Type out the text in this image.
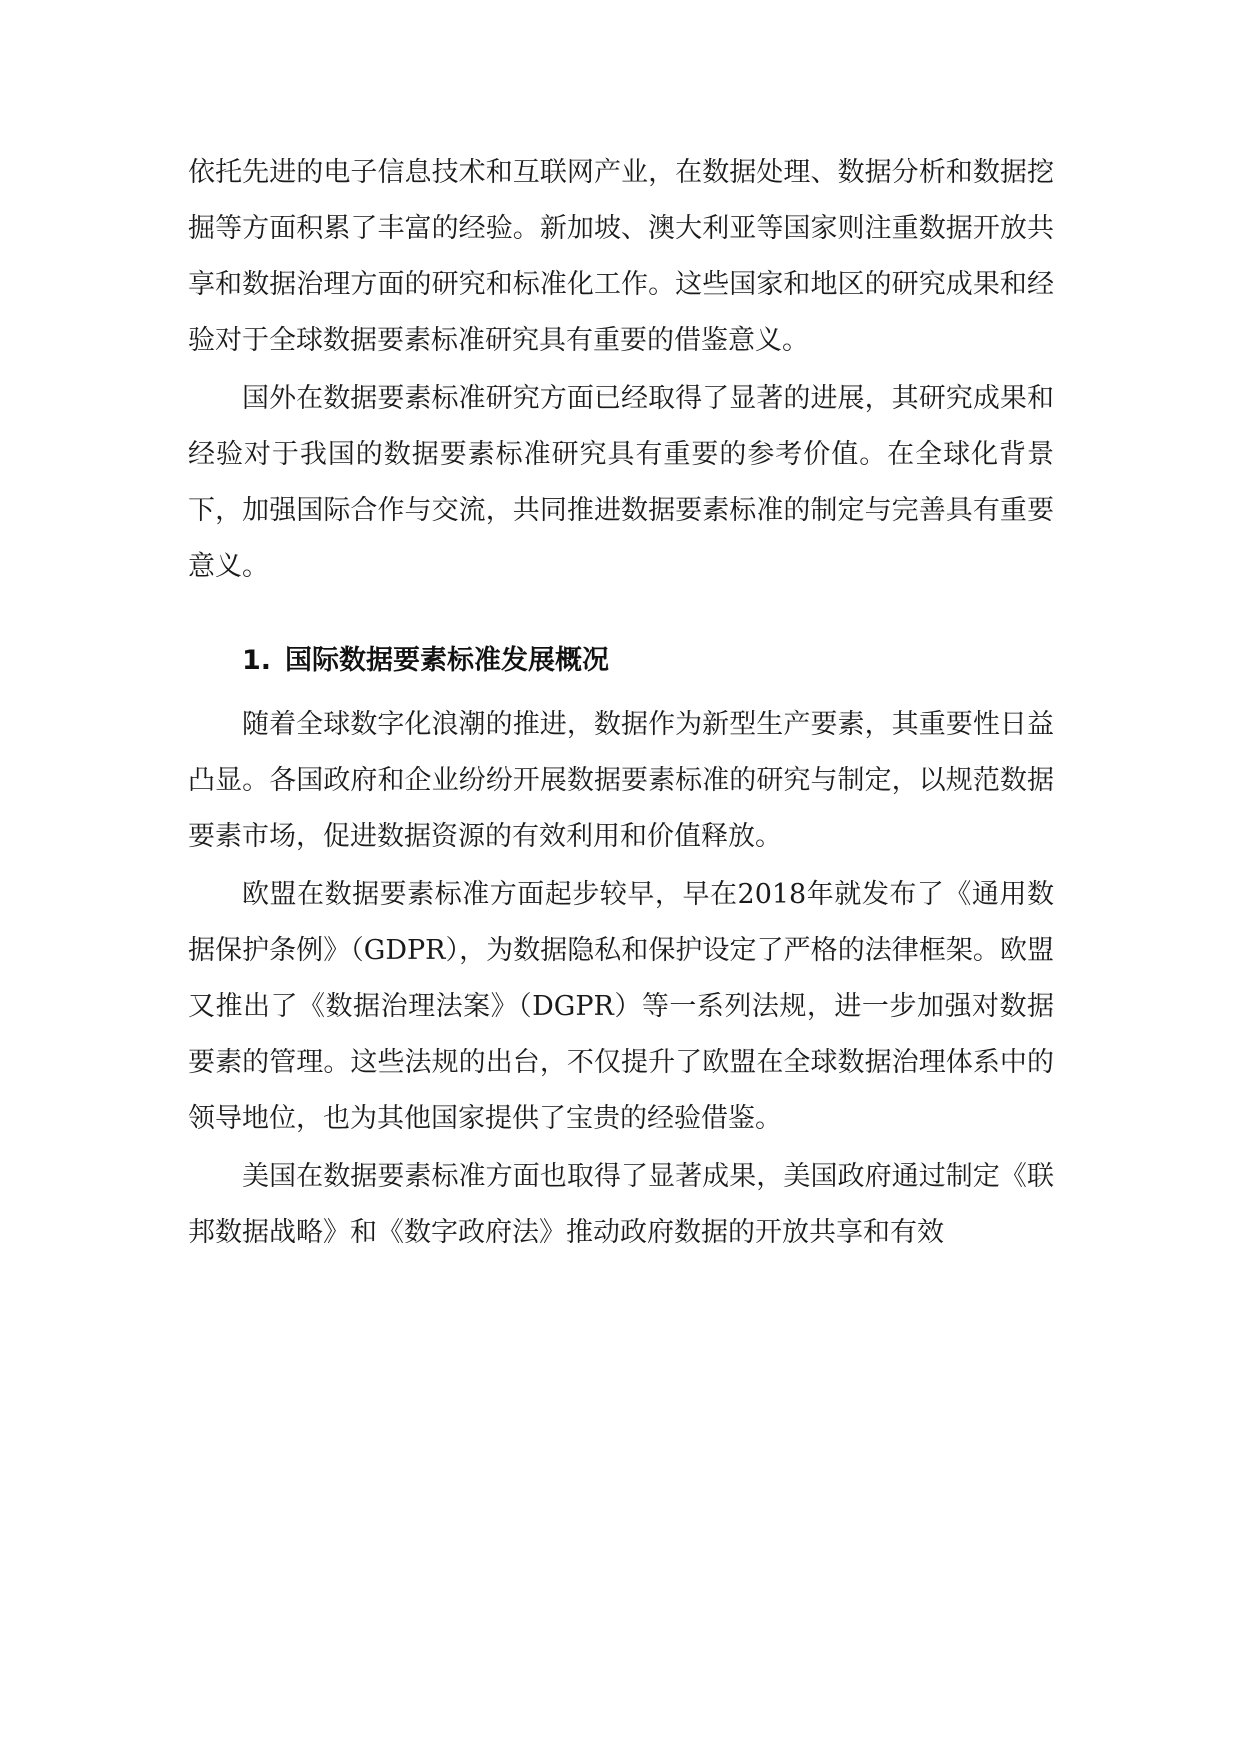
依托先进的电子信息技术和互联网产业，在数据处理、数据分析和数据挖掘等方面积累了丰富的经验。新加坡、澳大利亚等国家则注重数据开放共享和数据治理方面的研究和标准化工作。这些国家和地区的研究成果和经验对于全球数据要素标准研究具有重要的借鉴意义。

国外在数据要素标准研究方面已经取得了显著的进展，其研究成果和经验对于我国的数据要素标准研究具有重要的参考价值。在全球化背景下，加强国际合作与交流，共同推进数据要素标准的制定与完善具有重要意义。

1. 国际数据要素标准发展概况

随着全球数字化浪潮的推进，数据作为新型生产要素，其重要性日益凸显。各国政府和企业纷纷开展数据要素标准的研究与制定，以规范数据要素市场，促进数据资源的有效利用和价值释放。

欧盟在数据要素标准方面起步较早，早在2018年就发布了《通用数据保护条例》（GDPR），为数据隐私和保护设定了严格的法律框架。欧盟又推出了《数据治理法案》（DGPR）等一系列法规，进一步加强对数据要素的管理。这些法规的出台，不仅提升了欧盟在全球数据治理体系中的领导地位，也为其他国家提供了宝贵的经验借鉴。

美国在数据要素标准方面也取得了显著成果，美国政府通过制定《联邦数据战略》和《数字政府法》推动政府数据的开放共享和有效
